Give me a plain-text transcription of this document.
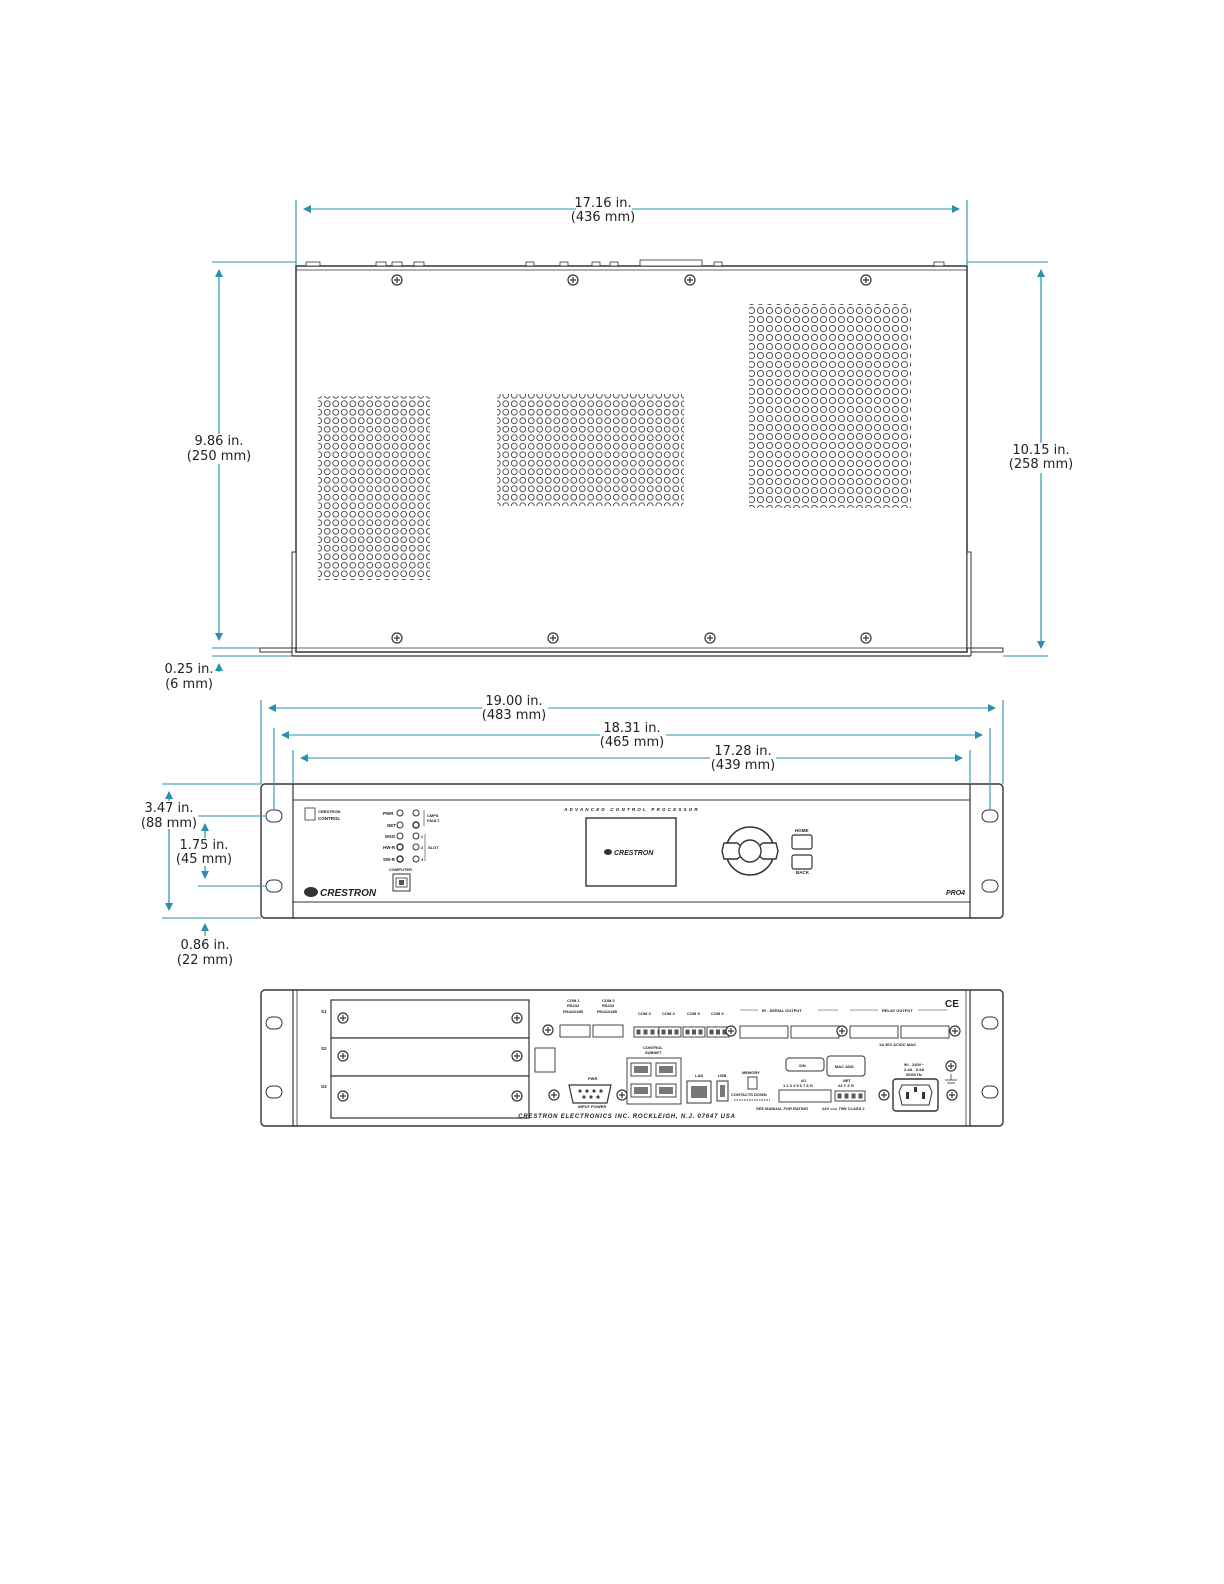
CRESTRON
CONTROL
CRESTRON
PWR
NET
MSG
HW-R
SW-R
CMPS
FAULT
1
2
3
SLOT
COMPUTER
ADVANCED CONTROL PROCESSOR
CRESTRON
HOME
BACK
PRO4
S1
S2
S3
COM 1
RS232
RS422/485
COM 2
RS232
RS422/485	COM 3	COM 4	COM 5	COM 6
IR - SERIAL OUTPUT	RELAY OUTPUT
1A 30V AC/DC MAX
CE
CONTROL
SUBNET
LAN	USB
PWR
INPUT POWER
MEMORY
CONTACTS DOWN
S/N	MAC ADD
I/O
1 2 3 4 5 6 7 8 G
NET
24 Y Z G
SEE MANUAL FOR RATING	24V === 75W CLASS 2
90 - 240V~
2.4A - 0.9A
50/60 Hz
CRESTRON ELECTRONICS INC. ROCKLEIGH, N.J. 07647 USA
17.16 in.
(436 mm)
9.86 in.
(250 mm)	10.15 in.
(258 mm)
0.25 in.
(6 mm)
19.00 in.
(483 mm)
18.31 in.
(465 mm)
17.28 in.
(439 mm)
3.47 in.
(88 mm)
1.75 in.
(45 mm)
0.86 in.
(22 mm)
